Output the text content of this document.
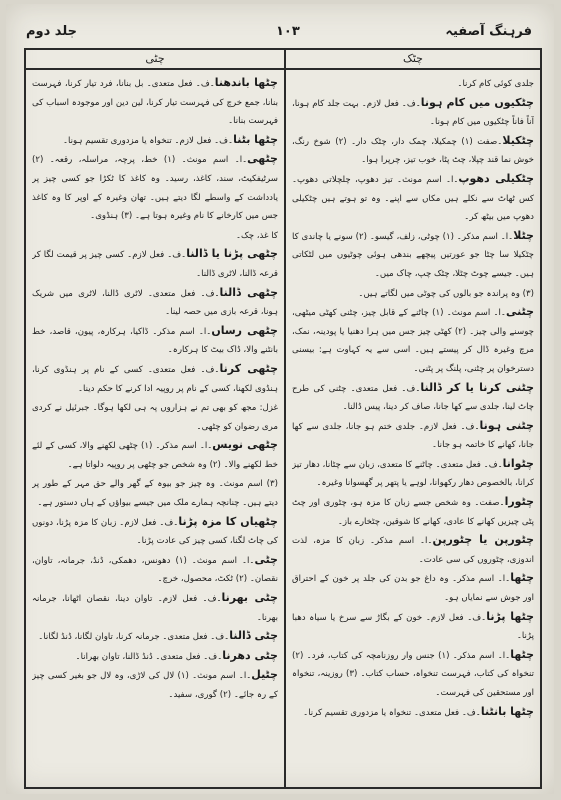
فرہنگ آصفیہ
۱۰۳
جلد دوم
چٹی	چٹک
جلدی کوئی کام کرنا۔
چٹکیوں میں کام ہونا۔ف۔ فعل لازم۔ بہت جلد کام ہونا، آناً فاناً چٹکیوں میں کام ہونا۔
چٹکیلا۔صفت (۱) چمکیلا، چمک دار، چٹک دار۔ (۲) شوخ رنگ، خوش نما قند چپلا، چٹ پٹا، خوب تیز، چرپرا ہوا۔
چٹکیلی دھوپ۔ا۔ اسم مونث۔ تیز دھوپ، چلچلاتی دھوپ۔ کس ٹھاٹ سے نکلے ہیں مکاں سے اپنے۔ وہ تو ہوتے ہیں چٹکیلی دھوپ میں بیٹھ کر۔
چٹلا۔ا۔ اسم مذکر۔ (۱) چوٹی، زلف، گیسو۔ (۲) سونے یا چاندی کا چٹکیلا سا چٹا جو عورتیں پیچھے بندھی ہوئی چوٹیوں میں لٹکاتی ہیں۔ جیسے چوٹ چٹلا، چٹک چپ، چاک میں۔
(۳) وہ پراندہ جو بالوں کی چوٹی میں لگاتے ہیں۔
چٹنی۔ا۔ اسم مونث۔ (۱) چاٹنے کے قابل چیز، چٹنی کھٹی میٹھی، چوسنے والی چیز۔ (۲) کھٹی چیز جس میں ہرا دھنیا یا پودینہ، نمک، مرچ وغیرہ ڈال کر پیستے ہیں۔ اسی سے یہ کہاوت ہے: بیسنی دسترخوان پر چٹنی، پلنگ پر پٹنی۔
چٹنی کرنا یا کر ڈالنا۔ف۔ فعل متعدی۔ چٹنی کی طرح چاٹ لینا، جلدی سے کھا جانا، صاف کر دینا، پیس ڈالنا۔
چٹنی ہونا۔ف۔ فعل لازم۔ جلدی ختم ہو جانا، جلدی سے کھا جانا، کھانے کا خاتمہ ہو جانا۔
چٹوانا۔ف۔ فعل متعدی۔ چاٹنے کا متعدی، زبان سے چٹانا، دھار تیز کرانا، بالخصوص دھار رکھوانا، لوہے یا پتھر پر گھسوانا وغیرہ۔
چٹورا۔صفت۔ وہ شخص جسے زبان کا مزہ ہو، چٹوری اور چٹ پٹی چیزیں کھانے کا عادی، کھانے کا شوقین، چٹخارے باز۔
چٹورپن یا چٹورپن۔ا۔ اسم مذکر۔ زبان کا مزہ، لذت اندوزی، چٹوروں کی سی عادت۔
چٹھا۔ا۔ اسم مذکر۔ وہ داغ جو بدن کی جلد پر خون کے احتراق اور جوش سے نمایاں ہو۔
چٹھا پڑنا۔ف۔ فعل لازم۔ خون کے بگاڑ سے سرخ یا سیاہ دھبا پڑنا۔
چٹھا۔ا۔ اسم مذکر۔ (۱) جنس وار روزنامچہ کی کتاب، فرد۔ (۲) تنخواہ کی کتاب، فہرست تنخواہ، حساب کتاب۔ (۳) روزینہ، تنخواہ اور مستحقین کی فہرست۔
چٹھا بانٹنا۔ف۔ فعل متعدی۔ تنخواہ یا مزدوری تقسیم کرنا۔
چٹھا باندھنا۔ف۔ فعل متعدی۔ بل بنانا، فرد تیار کرنا، فہرست بنانا، جمع خرچ کی فہرست تیار کرنا، لین دین اور موجودہ اسباب کی فہرست بنانا۔
چٹھا بٹنا۔ف۔ فعل لازم۔ تنخواہ یا مزدوری تقسیم ہونا۔
چٹھی۔ا۔ اسم مونث۔ (۱) خط، پرچہ، مراسلہ، رقعہ۔ (۲) سرٹیفکیٹ، سند، کاغذ، رسید۔ وہ کاغذ کا ٹکڑا جو کسی چیز پر یادداشت کے واسطے لگا دیتے ہیں۔ تھان وغیرہ کے اوپر کا وہ کاغذ جس میں کارخانے کا نام وغیرہ ہوتا ہے۔ (۳) ہنڈوی۔
کا غذ، چک۔
چٹھی پڑنا یا ڈالنا۔ف۔ فعل لازم۔ کسی چیز پر قیمت لگا کر قرعہ ڈالنا، لاٹری ڈالنا۔
چٹھی ڈالنا۔ف۔ فعل متعدی۔ لاٹری ڈالنا، لاٹری میں شریک ہونا، قرعہ بازی میں حصہ لینا۔
چٹھی رساں۔ا۔ اسم مذکر۔ ڈاکیا، ہرکارہ، پیون، قاصد، خط بانٹنے والا، ڈاک بیٹ کا ہرکارہ۔
چٹھی کرنا۔ف۔ فعل متعدی۔ کسی کے نام پر ہنڈوی کرنا، ہنڈوی لکھنا، کسی کے نام پر روپیہ ادا کرنے کا حکم دینا۔
غزل: مجھ کو بھی تم نے ہزاروں پہ ہی لکھا ہوگا۔ جبرئیل نے کردی مری رضوان کو چٹھی۔
چٹھی نویس۔ا۔ اسم مذکر۔ (۱) چٹھی لکھنے والا، کسی کے لئے خط لکھنے والا۔ (۲) وہ شخص جو چٹھی پر روپیہ دلواتا ہے۔
(۳) اسم مونث۔ وہ چیز جو بیوہ کے گھر والے حق مہر کے طور پر دیتے ہیں۔ چنانچہ ہمارے ملک میں جیسے بیواؤں کے ہاں دستور ہے۔
چٹھیاں کا مزہ پڑنا۔ف۔ فعل لازم۔ زبان کا مزہ پڑنا، دونوں کی چاٹ لگنا، کسی چیز کی عادت پڑنا۔
چٹی۔ا۔ اسم مونث۔ (۱) دھونس، دھمکی، ڈنڈ، جرمانہ، تاوان، نقصان۔ (۲) ٹکٹ، محصول، خرچ۔
چٹی بھرنا۔ف۔ فعل لازم۔ تاوان دینا، نقصان اٹھانا، جرمانہ بھرنا۔
چٹی ڈالنا۔ف۔ فعل متعدی۔ جرمانہ کرنا، تاوان لگانا، ڈنڈ لگانا۔
چٹی دھرنا۔ف۔ فعل متعدی۔ ڈنڈ ڈالنا، تاوان بھرانا۔
چٹیل۔ا۔ اسم مونث۔ (۱) لال کی لاڑی، وہ لال جو بغیر کسی چیز کے رہ جائے۔ (۲) گوری، سفید۔
